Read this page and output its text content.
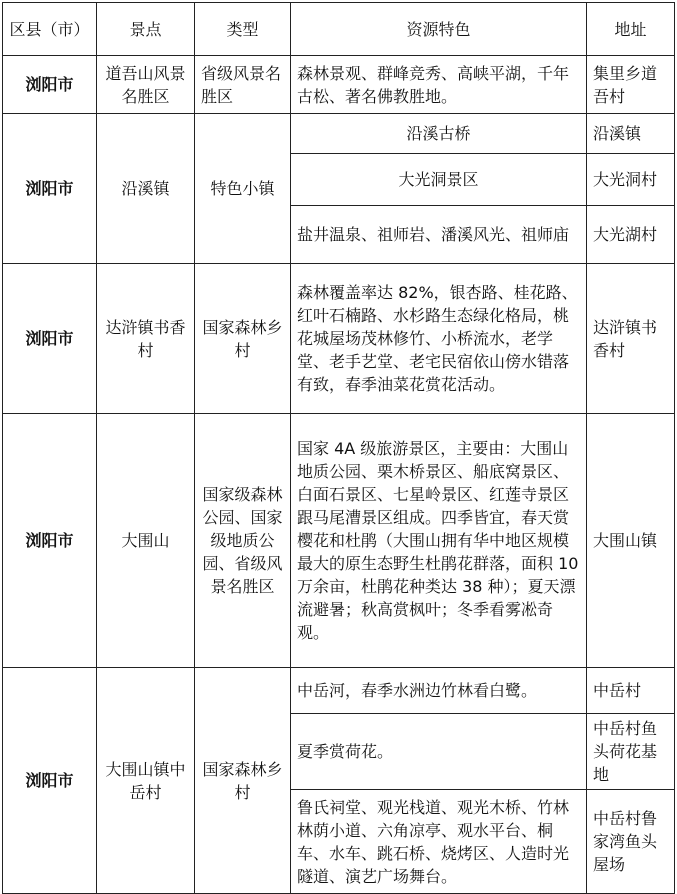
区县（市）	景点	类型	资源特色	地址
浏阳市	道吾山风景名胜区	省级风景名胜区	森林景观、群峰竞秀、高峡平湖，千年古松、著名佛教胜地。	集里乡道吾村
浏阳市	沿溪镇	特色小镇	沿溪古桥	沿溪镇
			大光洞景区	大光洞村
			盐井温泉、祖师岩、潘溪风光、祖师庙	大光湖村
浏阳市	达浒镇书香村	国家森林乡村	森林覆盖率达 82%，银杏路、桂花路、红叶石楠路、水杉路生态绿化格局，桃花城屋场茂林修竹、小桥流水，老学堂、老手艺堂、老宅民宿依山傍水错落有致，春季油菜花赏花活动。	达浒镇书香村
浏阳市	大围山	国家级森林公园、国家级地质公园、省级风景名胜区	国家 4A 级旅游景区，主要由：大围山地质公园、栗木桥景区、船底窝景区、白面石景区、七星岭景区、红莲寺景区跟马尾漕景区组成。四季皆宜，春天赏樱花和杜鹃（大围山拥有华中地区规模最大的原生态野生杜鹃花群落，面积 10 万余亩，杜鹃花种类达 38 种）；夏天漂流避暑；秋高赏枫叶；冬季看雾凇奇观。	大围山镇
浏阳市	大围山镇中岳村	国家森林乡村	中岳河，春季水洲边竹林看白鹭。	中岳村
			夏季赏荷花。	中岳村鱼头荷花基地
			鲁氏祠堂、观光栈道、观光木桥、竹林林荫小道、六角凉亭、观水平台、桐车、水车、跳石桥、烧烤区、人造时光隧道、演艺广场舞台。	中岳村鲁家湾鱼头屋场
